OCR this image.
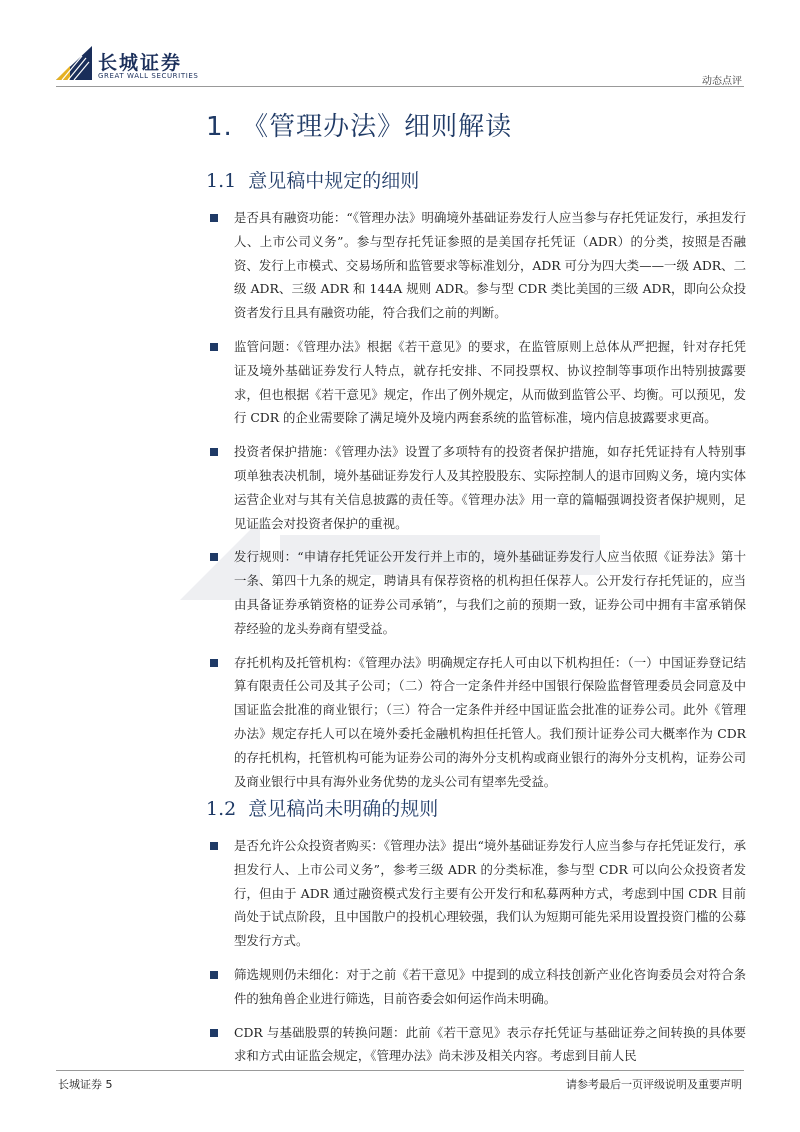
长城证券
GREAT WALL SECURITIES	动态点评
1. 《管理办法》细则解读
1.1 意见稿中规定的细则
是否具有融资功能：“《管理办法》明确境外基础证券发行人应当参与存托凭证发行，承担发行人、上市公司义务”。参与型存托凭证参照的是美国存托凭证（ADR）的分类，按照是否融资、发行上市模式、交易场所和监管要求等标准划分，ADR 可分为四大类——一级 ADR、二级 ADR、三级 ADR 和 144A 规则 ADR。参与型 CDR 类比美国的三级 ADR，即向公众投资者发行且具有融资功能，符合我们之前的判断。
监管问题：《管理办法》根据《若干意见》的要求，在监管原则上总体从严把握，针对存托凭证及境外基础证券发行人特点，就存托安排、不同投票权、协议控制等事项作出特别披露要求，但也根据《若干意见》规定，作出了例外规定，从而做到监管公平、均衡。可以预见，发行 CDR 的企业需要除了满足境外及境内两套系统的监管标准，境内信息披露要求更高。
投资者保护措施：《管理办法》设置了多项特有的投资者保护措施，如存托凭证持有人特别事项单独表决机制，境外基础证券发行人及其控股股东、实际控制人的退市回购义务，境内实体运营企业对与其有关信息披露的责任等。《管理办法》用一章的篇幅强调投资者保护规则，足见证监会对投资者保护的重视。
发行规则：“申请存托凭证公开发行并上市的，境外基础证券发行人应当依照《证券法》第十一条、第四十九条的规定，聘请具有保荐资格的机构担任保荐人。公开发行存托凭证的，应当由具备证券承销资格的证券公司承销”，与我们之前的预期一致，证券公司中拥有丰富承销保荐经验的龙头券商有望受益。
存托机构及托管机构：《管理办法》明确规定存托人可由以下机构担任：（一）中国证券登记结算有限责任公司及其子公司；（二）符合一定条件并经中国银行保险监督管理委员会同意及中国证监会批准的商业银行；（三）符合一定条件并经中国证监会批准的证券公司。此外《管理办法》规定存托人可以在境外委托金融机构担任托管人。我们预计证券公司大概率作为 CDR 的存托机构，托管机构可能为证券公司的海外分支机构或商业银行的海外分支机构，证券公司及商业银行中具有海外业务优势的龙头公司有望率先受益。
1.2 意见稿尚未明确的规则
是否允许公众投资者购买：《管理办法》提出“境外基础证券发行人应当参与存托凭证发行，承担发行人、上市公司义务”，参考三级 ADR 的分类标准，参与型 CDR 可以向公众投资者发行，但由于 ADR 通过融资模式发行主要有公开发行和私募两种方式，考虑到中国 CDR 目前尚处于试点阶段，且中国散户的投机心理较强，我们认为短期可能先采用设置投资门槛的公募型发行方式。
筛选规则仍未细化：对于之前《若干意见》中提到的成立科技创新产业化咨询委员会对符合条件的独角兽企业进行筛选，目前咨委会如何运作尚未明确。
CDR 与基础股票的转换问题：此前《若干意见》表示存托凭证与基础证券之间转换的具体要求和方式由证监会规定，《管理办法》尚未涉及相关内容。考虑到目前人民
长城证券 5	请参考最后一页评级说明及重要声明
